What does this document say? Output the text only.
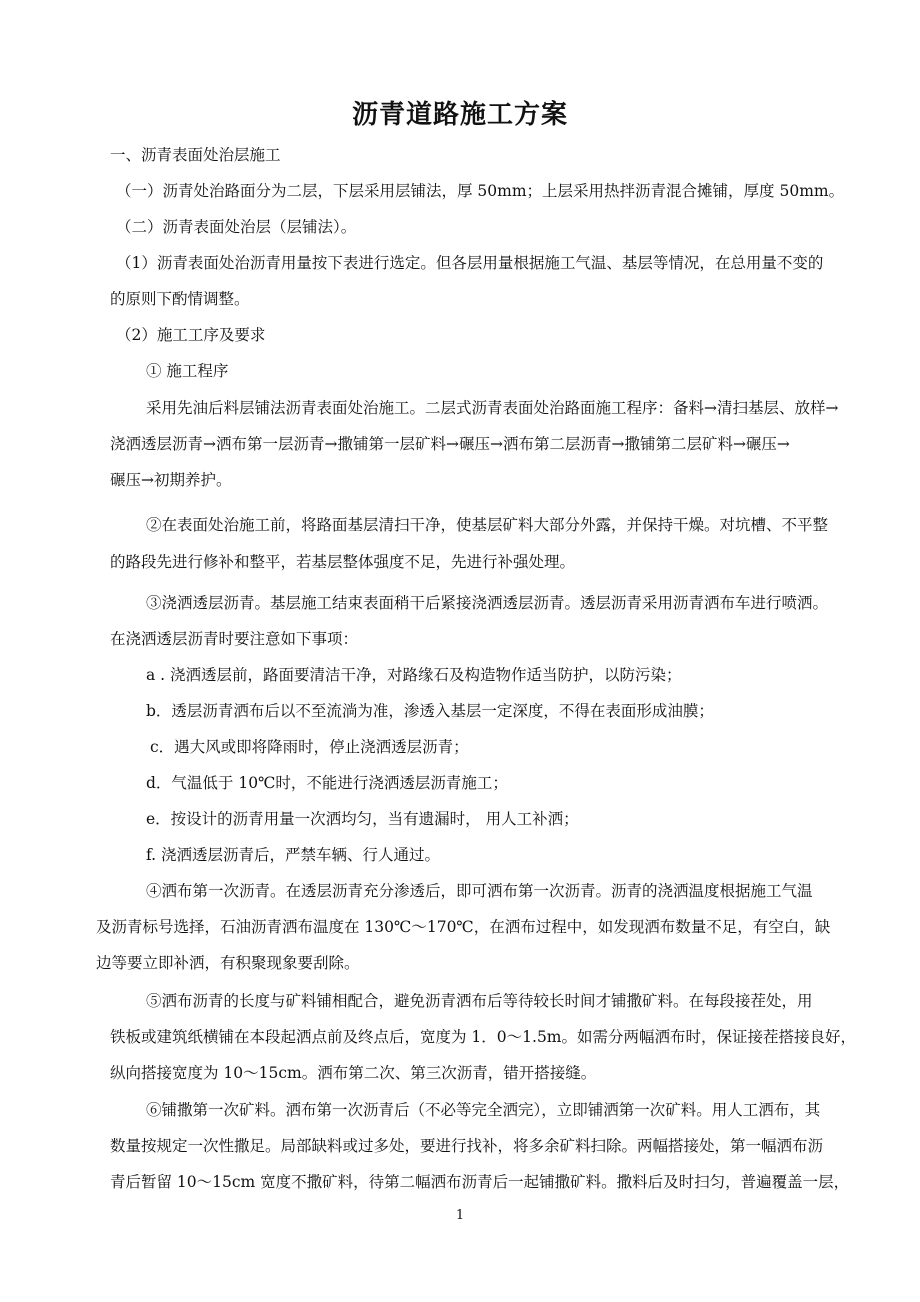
沥青道路施工方案
一、沥青表面处治层施工
（一）沥青处治路面分为二层，下层采用层铺法，厚 50mm；上层采用热拌沥青混合摊铺，厚度 50mm。
（二）沥青表面处治层（层铺法）。
（1）沥青表面处治沥青用量按下表进行选定。但各层用量根据施工气温、基层等情况，在总用量不变的
的原则下酌情调整。
（2）施工工序及要求
① 施工程序
采用先油后料层铺法沥青表面处治施工。二层式沥青表面处治路面施工程序：备料→清扫基层、放样→
浇洒透层沥青→洒布第一层沥青→撒铺第一层矿料→碾压→洒布第二层沥青→撒铺第二层矿料→碾压→
碾压→初期养护。
②在表面处治施工前，将路面基层清扫干净，使基层矿料大部分外露，并保持干燥。对坑槽、不平整
的路段先进行修补和整平，若基层整体强度不足，先进行补强处理。
③浇洒透层沥青。基层施工结束表面稍干后紧接浇洒透层沥青。透层沥青采用沥青洒布车进行喷洒。
在浇洒透层沥青时要注意如下事项：
a . 浇洒透层前，路面要清洁干净，对路缘石及构造物作适当防护，以防污染；
b．透层沥青洒布后以不至流淌为准，渗透入基层一定深度，不得在表面形成油膜；
c．遇大风或即将降雨时，停止浇洒透层沥青；
d．气温低于 10℃时，不能进行浇洒透层沥青施工；
e．按设计的沥青用量一次洒均匀，当有遗漏时， 用人工补洒；
f. 浇洒透层沥青后，严禁车辆、行人通过。
④洒布第一次沥青。在透层沥青充分渗透后，即可洒布第一次沥青。沥青的浇洒温度根据施工气温
及沥青标号选择，石油沥青洒布温度在 130℃～170℃，在洒布过程中，如发现洒布数量不足，有空白，缺
边等要立即补洒，有积聚现象要刮除。
⑤洒布沥青的长度与矿料铺相配合，避免沥青洒布后等待较长时间才铺撒矿料。在每段接茬处，用
铁板或建筑纸横铺在本段起洒点前及终点后，宽度为 1．0～1.5m。如需分两幅洒布时，保证接茬搭接良好，
纵向搭接宽度为 10～15cm。洒布第二次、第三次沥青，错开搭接缝。
⑥铺撒第一次矿料。洒布第一次沥青后（不必等完全洒完），立即铺洒第一次矿料。用人工洒布，其
数量按规定一次性撒足。局部缺料或过多处，要进行找补，将多余矿料扫除。两幅搭接处，第一幅洒布沥
青后暂留 10～15cm 宽度不撒矿料，待第二幅洒布沥青后一起铺撒矿料。撒料后及时扫匀，普遍覆盖一层，
1
